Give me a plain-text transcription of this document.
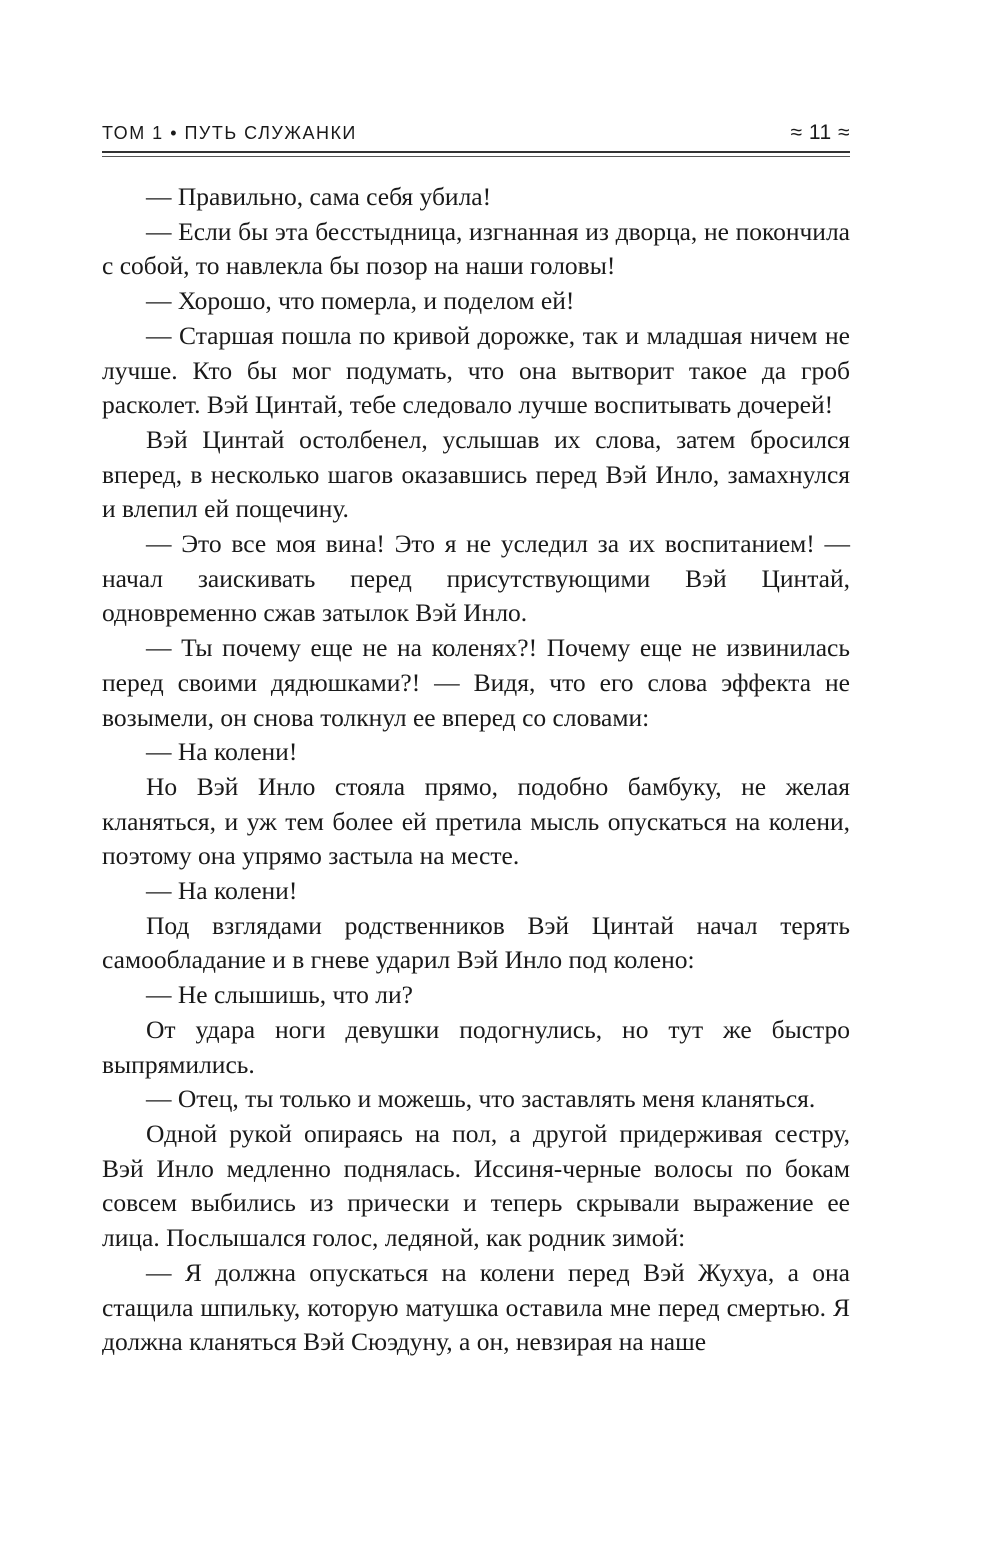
ТОМ 1 • ПУТЬ СЛУЖАНКИ	≈ 11 ≈

— Правильно, сама себя убила!

— Если бы эта бесстыдница, изгнанная из дворца, не покончила с собой, то навлекла бы позор на наши головы!

— Хорошо, что померла, и поделом ей!

— Старшая пошла по кривой дорожке, так и младшая ничем не лучше. Кто бы мог подумать, что она вытворит такое да гроб расколет. Вэй Цинтай, тебе следовало лучше воспитывать дочерей!

Вэй Цинтай остолбенел, услышав их слова, затем бросился вперед, в несколько шагов оказавшись перед Вэй Инло, замахнулся и влепил ей пощечину.

— Это все моя вина! Это я не уследил за их воспитанием! — начал заискивать перед присутствующими Вэй Цинтай, одновременно сжав затылок Вэй Инло.

— Ты почему еще не на коленях?! Почему еще не извинилась перед своими дядюшками?! — Видя, что его слова эффекта не возымели, он снова толкнул ее вперед со словами:

— На колени!

Но Вэй Инло стояла прямо, подобно бамбуку, не желая кланяться, и уж тем более ей претила мысль опускаться на колени, поэтому она упрямо застыла на месте.

— На колени!

Под взглядами родственников Вэй Цинтай начал терять самообладание и в гневе ударил Вэй Инло под колено:

— Не слышишь, что ли?

От удара ноги девушки подогнулись, но тут же быстро выпрямились.

— Отец, ты только и можешь, что заставлять меня кланяться.

Одной рукой опираясь на пол, а другой придерживая сестру, Вэй Инло медленно поднялась. Иссиня-черные волосы по бокам совсем выбились из прически и теперь скрывали выражение ее лица. Послышался голос, ледяной, как родник зимой:

— Я должна опускаться на колени перед Вэй Жухуа, а она стащила шпильку, которую матушка оставила мне перед смертью. Я должна кланяться Вэй Сюэдуну, а он, невзирая на наше
